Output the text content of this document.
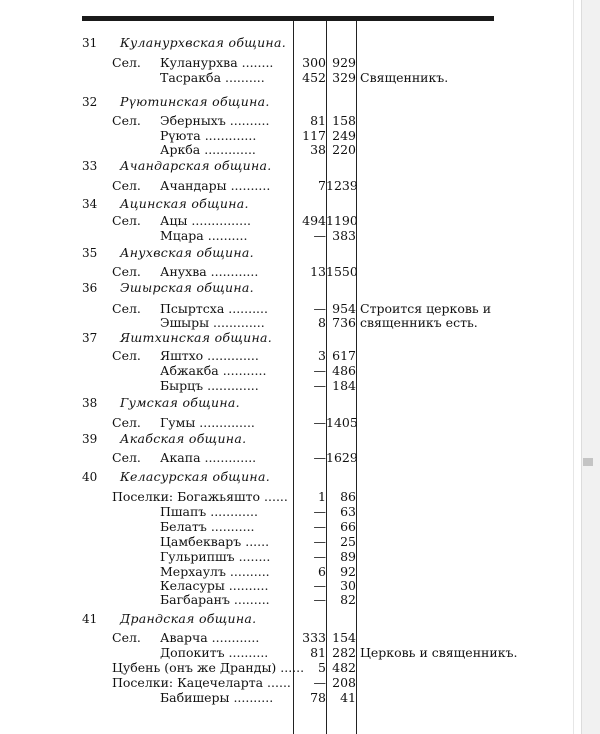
31 Куланурхвская община.
Сел. Куланурхва ........	300 929
Тасракба ..........	452 329 Священникъ.
32 Рүютинская община.
Сел. Эберныхъ ..........	81 158
Рүюта .............	117 249
Аркба .............	38 220
33 Ачандарская община.
Сел. Ачандары ..........	7 1239
34 Ацинская община.
Сел. Ацы ...............	494 1190
Мцара ..........	— 383
35 Анухвская община.
Сел. Анухва ............	13 1550
36 Эшырская община.
Сел. Псыртсха ..........	— 954 Строится церковь и
Эшыры .............	8 736 священникъ есть.
37 Яштхинская община.
Сел. Яштхо .............	3 617
Абжакба ...........	— 486
Бырцъ .............	— 184
38 Гумская община.
Сел. Гумы ..............	— 1405
39 Акабская община.
Сел. Акапа .............	— 1629
40 Келасурская община.
Поселки: Богажьяшто ......	1	86
Пшапъ ............	—	63
Белатъ ...........	—	66
Цамбекваръ ......	—	25
Гульрипшъ ........	—	89
Мерхаулъ ..........	6	92
Келасуры ..........	—	30
Багбаранъ .........	—	82
41 Драндская община.
Сел. Аварча ............	333 154
Допокитъ ..........	81 282 Церковь и священникъ.
Цубень (онъ же Дранды) ......	5 482
Поселки: Кацечеларта ......	— 208
Бабишеры ..........	78	41
